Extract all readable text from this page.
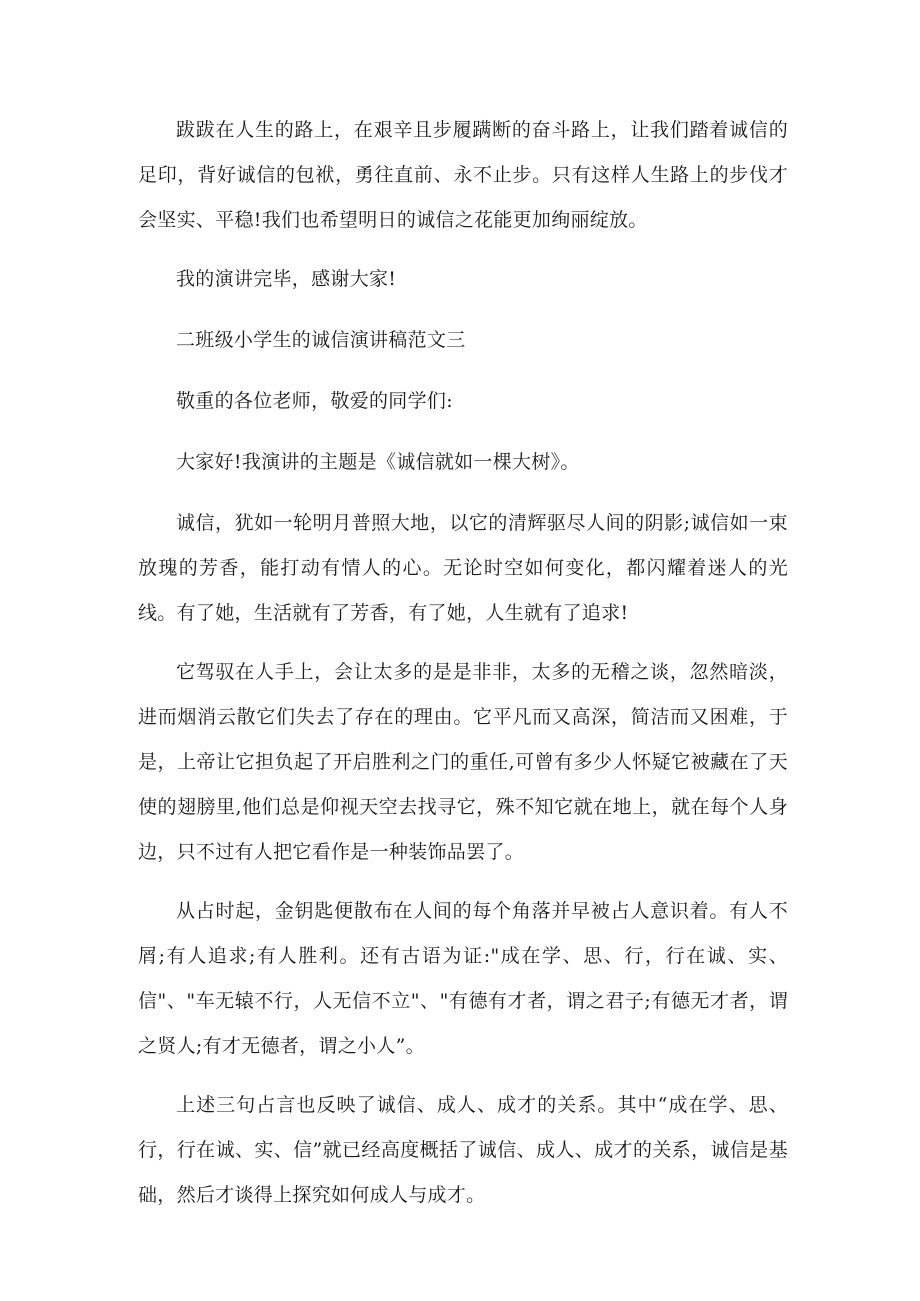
跋跋在人生的路上，在艰辛且步履蹒断的奋斗路上，让我们踏着诚信的足印，背好诚信的包袱，勇往直前、永不止步。只有这样人生路上的步伐才会坚实、平稳!我们也希望明日的诚信之花能更加绚丽绽放。

我的演讲完毕，感谢大家!

二班级小学生的诚信演讲稿范文三

敬重的各位老师，敬爱的同学们:

大家好!我演讲的主题是《诚信就如一棵大树》。

诚信，犹如一轮明月普照大地，以它的清辉驱尽人间的阴影;诚信如一束放瑰的芳香，能打动有情人的心。无论时空如何变化，都闪耀着迷人的光线。有了她，生活就有了芳香，有了她，人生就有了追求!

它驾驭在人手上，会让太多的是是非非，太多的无稽之谈，忽然暗淡，进而烟消云散它们失去了存在的理由。它平凡而又高深，简洁而又困难，于是，上帝让它担负起了开启胜利之门的重任,可曾有多少人怀疑它被藏在了天使的翅膀里,他们总是仰视天空去找寻它，殊不知它就在地上，就在每个人身边，只不过有人把它看作是一种装饰品罢了。

从占时起，金钥匙便散布在人间的每个角落并早被占人意识着。有人不屑;有人追求;有人胜利。还有古语为证:"成在学、思、行，行在诚、实、信"、"车无辕不行，人无信不立"、"有德有才者，谓之君子;有德无才者，谓之贤人;有才无德者，谓之小人”。

上述三句占言也反映了诚信、成人、成才的关系。其中“成在学、思、行，行在诚、实、信”就已经高度概括了诚信、成人、成才的关系，诚信是基础，然后才谈得上探究如何成人与成才。
